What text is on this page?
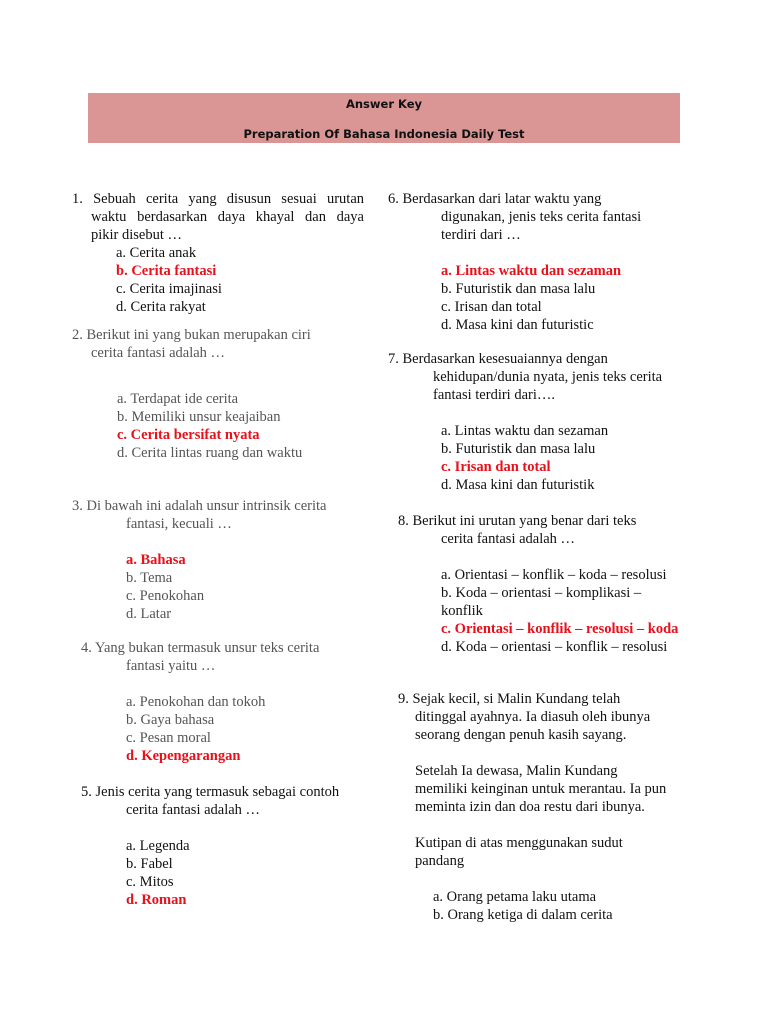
Answer Key
Preparation Of Bahasa Indonesia Daily Test
1. Sebuah cerita yang disusun sesuai urutan
waktu berdasarkan daya khayal dan daya
pikir disebut …
a. Cerita anak
b. Cerita fantasi
c. Cerita imajinasi
d. Cerita rakyat
2. Berikut ini yang bukan merupakan ciri
cerita fantasi adalah …
a. Terdapat ide cerita
b. Memiliki unsur keajaiban
c. Cerita bersifat nyata
d. Cerita lintas ruang dan waktu
3. Di bawah ini adalah unsur intrinsik cerita
fantasi, kecuali …
a. Bahasa
b. Tema
c. Penokohan
d. Latar
4. Yang bukan termasuk unsur teks cerita
fantasi yaitu …
a. Penokohan dan tokoh
b. Gaya bahasa
c. Pesan moral
d. Kepengarangan
5. Jenis cerita yang termasuk sebagai contoh
cerita fantasi adalah …
a. Legenda
b. Fabel
c. Mitos
d. Roman
6. Berdasarkan dari latar waktu yang
digunakan, jenis teks cerita fantasi
terdiri dari …
a. Lintas waktu dan sezaman
b. Futuristik dan masa lalu
c. Irisan dan total
d. Masa kini dan futuristic
7. Berdasarkan kesesuaiannya dengan
kehidupan/dunia nyata, jenis teks cerita
fantasi terdiri dari….
a. Lintas waktu dan sezaman
b. Futuristik dan masa lalu
c. Irisan dan total
d. Masa kini dan futuristik
8. Berikut ini urutan yang benar dari teks
cerita fantasi adalah …
a. Orientasi – konflik – koda – resolusi
b. Koda – orientasi – komplikasi – konflik
c. Orientasi – konflik – resolusi – koda
d. Koda – orientasi – konflik – resolusi
9. Sejak kecil, si Malin Kundang telah
ditinggal ayahnya. Ia diasuh oleh ibunya
seorang dengan penuh kasih sayang.
Setelah Ia dewasa, Malin Kundang
memiliki keinginan untuk merantau. Ia pun
meminta izin dan doa restu dari ibunya.
Kutipan di atas menggunakan sudut
pandang
a. Orang petama laku utama
b. Orang ketiga di dalam cerita
